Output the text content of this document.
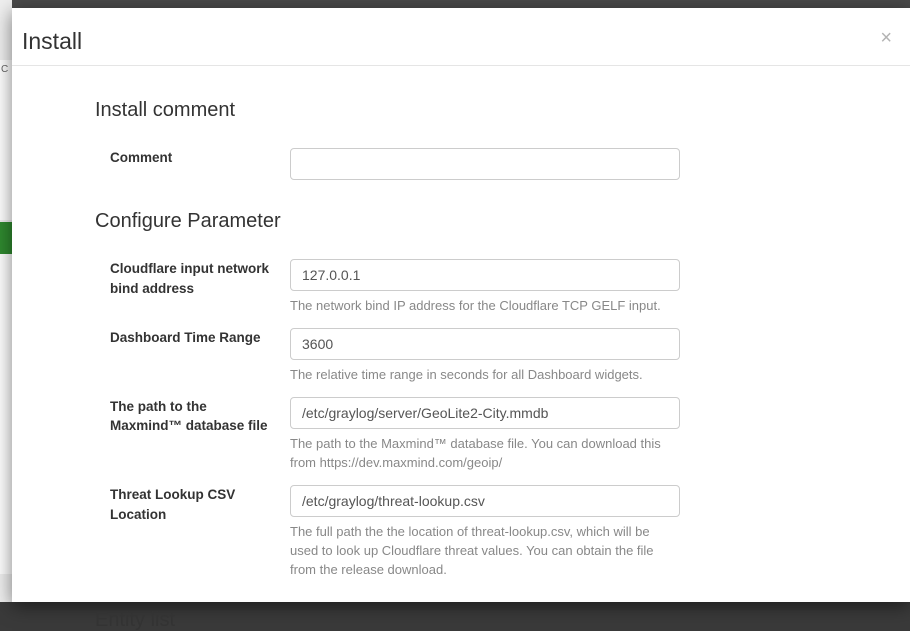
C
Install	×
Install comment
Comment
Configure Parameter
Cloudflare input network bind address
127.0.0.1

The network bind IP address for the Cloudflare TCP GELF input.

Dashboard Time Range
3600

The relative time range in seconds for all Dashboard widgets.

The path to the Maxmind™ database file
/etc/graylog/server/GeoLite2-City.mmdb

The path to the Maxmind™ database file. You can download this from https://dev.maxmind.com/geoip/

Threat Lookup CSV Location
/etc/graylog/threat-lookup.csv

The full path the the location of threat-lookup.csv, which will be used to look up Cloudflare threat values. You can obtain the file from the release download.

Entity list
